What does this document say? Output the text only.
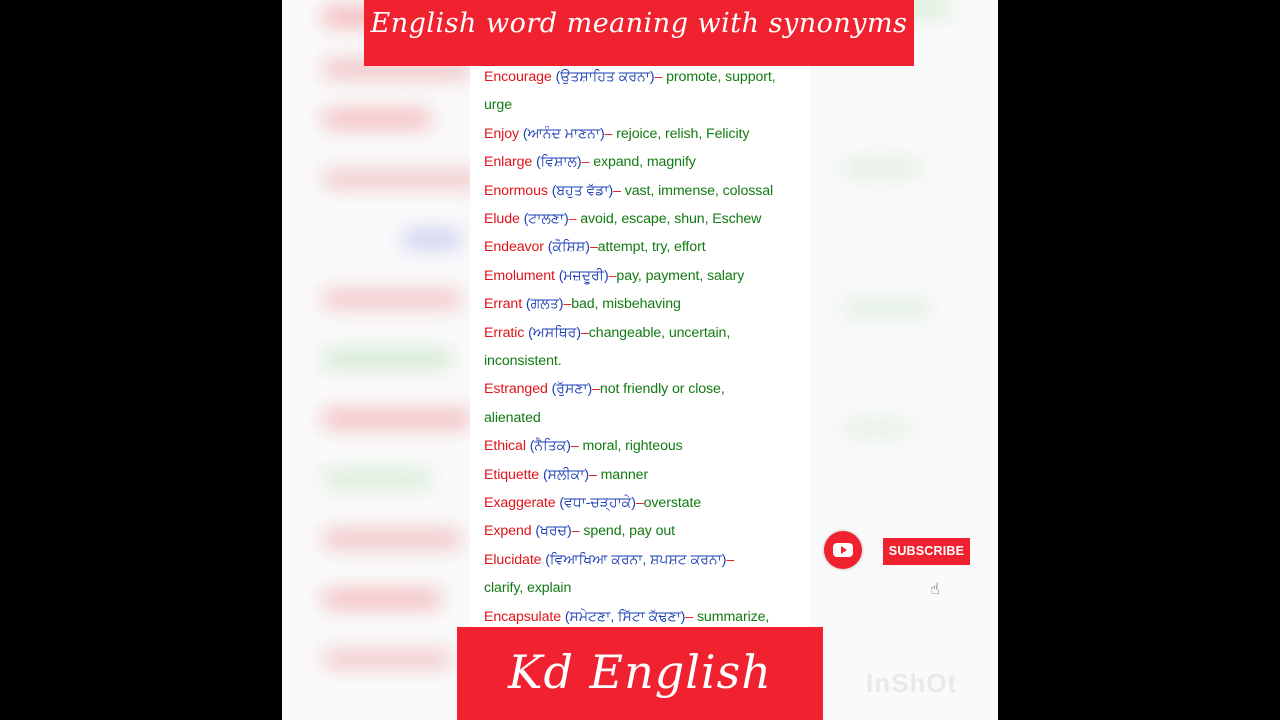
Encourage (ਉਤਸ਼ਾਹਿਤ ਕਰਨਾ)– promote, support,
urge
Enjoy (ਆਨੰਦ ਮਾਣਨਾ)– rejoice, relish, Felicity
Enlarge (ਵਿਸ਼ਾਲ)– expand, magnify
Enormous (ਬਹੁਤ ਵੱਡਾ)– vast, immense, colossal
Elude (ਟਾਲਣਾ)– avoid, escape, shun, Eschew
Endeavor (ਕੋਸ਼ਿਸ਼)–attempt, try, effort
Emolument (ਮਜ਼ਦੂਰੀ)–pay, payment, salary
Errant (ਗਲਤ)–bad, misbehaving
Erratic (ਅਸਥਿਰ)–changeable, uncertain,
inconsistent.
Estranged (ਰੁੱਸਣਾ)–not friendly or close,
alienated
Ethical (ਨੈਤਿਕ)– moral, righteous
Etiquette (ਸਲੀਕਾ)– manner
Exaggerate (ਵਧਾ-ਚੜ੍ਹਾਕੇ)–overstate
Expend (ਖਰਚ)– spend, pay out
Elucidate (ਵਿਆਖਿਆ ਕਰਨਾ, ਸ਼ਪਸ਼ਟ ਕਰਨਾ)–
clarify, explain
Encapsulate (ਸਮੇਟਣਾ, ਸਿੱਟਾ ਕੱਢਣਾ)– summarize,
English word meaning with synonyms
Kd English
SUBSCRIBE
☝
InShOt
